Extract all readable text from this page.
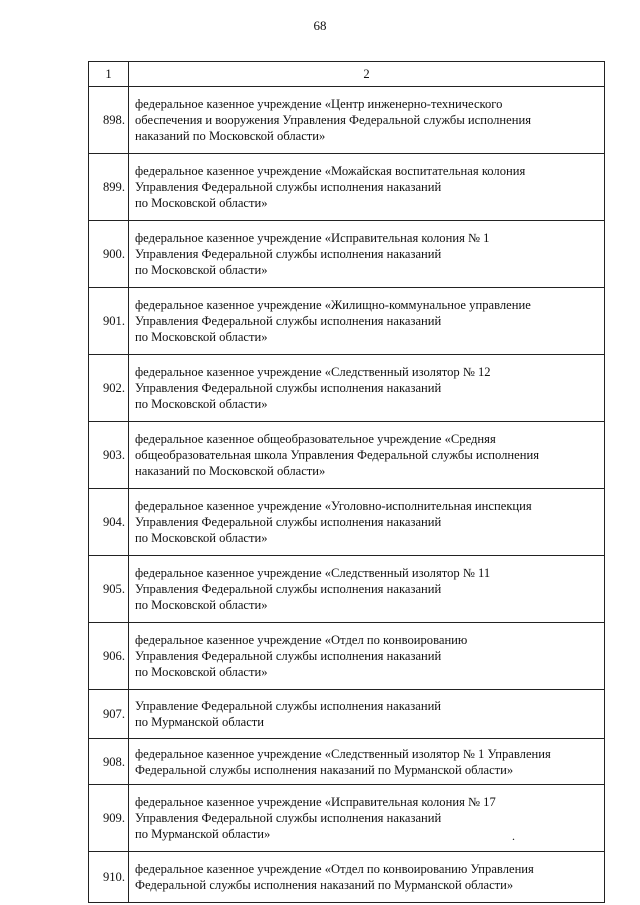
68
1	2
898.	федеральное казенное учреждение «Центр инженерно-технического
обеспечения и вооружения Управления Федеральной службы исполнения
наказаний по Московской области»
899.	федеральное казенное учреждение «Можайская воспитательная колония
Управления Федеральной службы исполнения наказаний
по Московской области»
900.	федеральное казенное учреждение «Исправительная колония № 1
Управления Федеральной службы исполнения наказаний
по Московской области»
901.	федеральное казенное учреждение «Жилищно-коммунальное управление
Управления Федеральной службы исполнения наказаний
по Московской области»
902.	федеральное казенное учреждение «Следственный изолятор № 12
Управления Федеральной службы исполнения наказаний
по Московской области»
903.	федеральное казенное общеобразовательное учреждение «Средняя
общеобразовательная школа Управления Федеральной службы исполнения
наказаний по Московской области»
904.	федеральное казенное учреждение «Уголовно-исполнительная инспекция
Управления Федеральной службы исполнения наказаний
по Московской области»
905.	федеральное казенное учреждение «Следственный изолятор № 11
Управления Федеральной службы исполнения наказаний
по Московской области»
906.	федеральное казенное учреждение «Отдел по конвоированию
Управления Федеральной службы исполнения наказаний
по Московской области»
907.	Управление Федеральной службы исполнения наказаний
по Мурманской области
908.	федеральное казенное учреждение «Следственный изолятор № 1 Управления
Федеральной службы исполнения наказаний по Мурманской области»
909.	федеральное казенное учреждение «Исправительная колония № 17
Управления Федеральной службы исполнения наказаний
по Мурманской области»
910.	федеральное казенное учреждение «Отдел по конвоированию Управления
Федеральной службы исполнения наказаний по Мурманской области»
.
